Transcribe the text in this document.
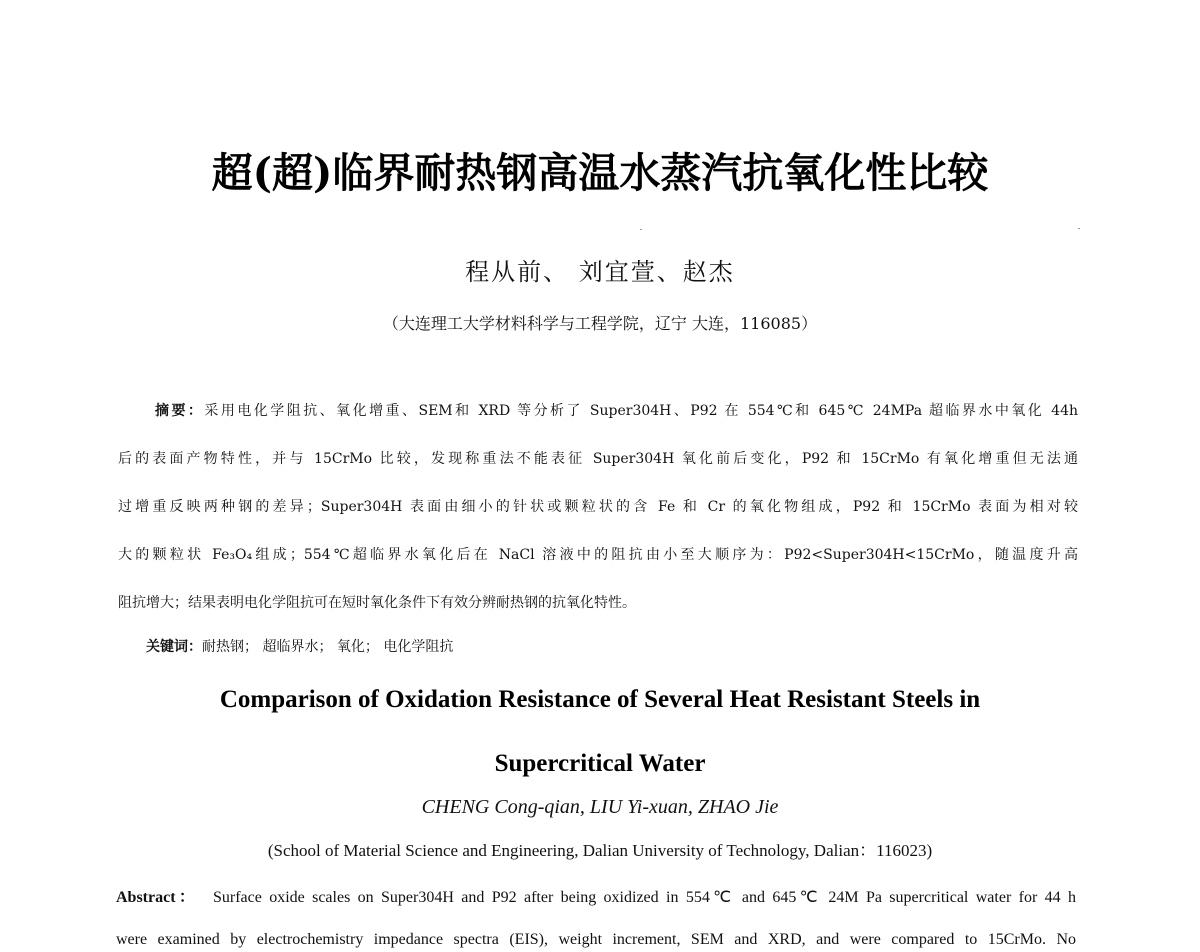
超(超)临界耐热钢高温水蒸汽抗氧化性比较
程从前、 刘宜萱、赵杰
（大连理工大学材料科学与工程学院，辽宁 大连，116085）
摘要：采用电化学阻抗、氧化增重、SEM和 XRD 等分析了 Super304H、P92 在 554℃和 645℃ 24MPa 超临界水中氧化 44h
后的表面产物特性，并与 15CrMo 比较，发现称重法不能表征 Super304H 氧化前后变化，P92 和 15CrMo 有氧化增重但无法通
过增重反映两种钢的差异；Super304H 表面由细小的针状或颗粒状的含 Fe 和 Cr 的氧化物组成，P92 和 15CrMo 表面为相对较
大的颗粒状 Fe₃O₄组成；554℃超临界水氧化后在 NaCl 溶液中的阻抗由小至大顺序为：P92<Super304H<15CrMo，随温度升高
阻抗增大；结果表明电化学阻抗可在短时氧化条件下有效分辨耐热钢的抗氧化特性。
关键词：耐热钢； 超临界水； 氧化； 电化学阻抗
Comparison of Oxidation Resistance of Several Heat Resistant Steels in
Supercritical Water
CHENG Cong-qian, LIU Yi-xuan, ZHAO Jie
(School of Material Science and Engineering, Dalian University of Technology, Dalian：116023)
Abstract： Surface oxide scales on Super304H and P92 after being oxidized in 554℃ and 645℃ 24M Pa supercritical water for 44 h
were examined by electrochemistry impedance spectra (EIS), weight increment, SEM and XRD, and were compared to 15CrMo. No
